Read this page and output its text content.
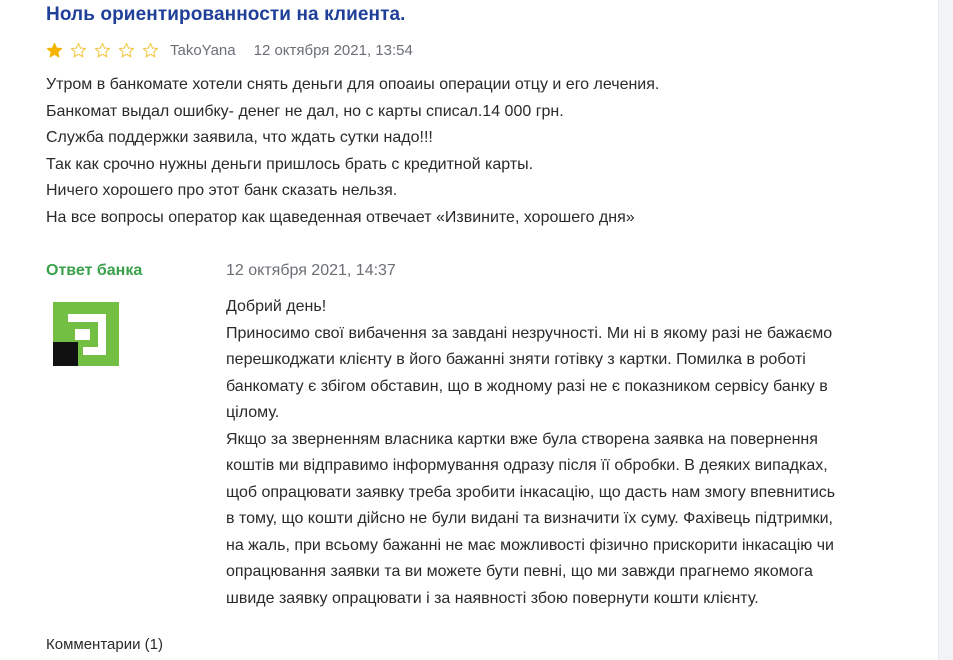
Ноль ориентированности на клиента.
TakoYana 12 октября 2021, 13:54
Утром в банкомате хотели снять деньги для опоаиы операции отцу и его лечения.
Банкомат выдал ошибку- денег не дал, но с карты списал.14 000 грн.
Служба поддержки заявила, что ждать сутки надо!!!
Так как срочно нужны деньги пришлось брать с кредитной карты.
Ничего хорошего про этот банк сказать нельзя.
На все вопросы оператор как щаведенная отвечает «Извините, хорошего дня»
Ответ банка	12 октября 2021, 14:37
Добрий день!
Приносимо свої вибачення за завдані незручності. Ми ні в якому разі не бажаємо
перешкоджати клієнту в його бажанні зняти готівку з картки. Помилка в роботі
банкомату є збігом обставин, що в жодному разі не є показником сервісу банку в
цілому.
Якщо за зверненням власника картки вже була створена заявка на повернення
коштів ми відправимо інформування одразу після її обробки. В деяких випадках,
щоб опрацювати заявку треба зробити інкасацію, що дасть нам змогу впевнитись
в тому, що кошти дійсно не були видані та визначити їх суму. Фахівець підтримки,
на жаль, при всьому бажанні не має можливості фізично прискорити інкасацію чи
опрацювання заявки та ви можете бути певні, що ми завжди прагнемо якомога
швиде заявку опрацювати і за наявності збою повернути кошти клієнту.
Комментарии (1)
